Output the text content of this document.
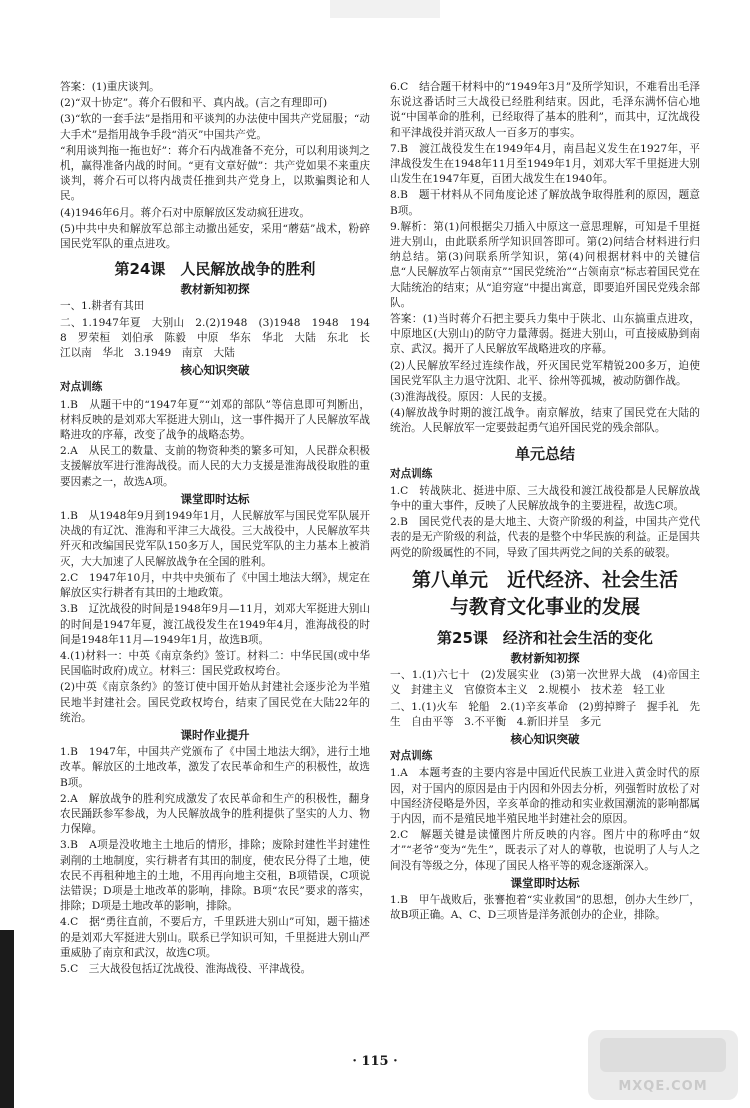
答案：(1)重庆谈判。

(2)“双十协定”。蒋介石假和平、真内战。(言之有理即可)

(3)“软的一套手法”是指用和平谈判的办法使中国共产党屈服；“动大手术”是指用战争手段“消灭”中国共产党。

“利用谈判拖一拖也好”：蒋介石内战准备不充分，可以利用谈判之机，赢得准备内战的时间。“更有文章好做”：共产党如果不来重庆谈判，蒋介石可以将内战责任推到共产党身上，以欺骗舆论和人民。

(4)1946年6月。蒋介石对中原解放区发动疯狂进攻。

(5)中共中央和解放军总部主动撤出延安，采用“蘑菇”战术，粉碎国民党军队的重点进攻。

第24课　人民解放战争的胜利
教材新知初探

一、1.耕者有其田

二、1.1947年夏　大别山　2.(2)1948　(3)1948　1948　1948　罗荣桓　刘伯承　陈毅　中原　华东　华北　大陆　东北　长江以南　华北　3.1949　南京　大陆

核心知识突破
对点训练

1.B　从题干中的“1947年夏”“刘邓的部队”等信息即可判断出，材料反映的是刘邓大军挺进大别山，这一事件揭开了人民解放军战略进攻的序幕，改变了战争的战略态势。

2.A　从民工的数量、支前的物资种类的繁多可知，人民群众积极支援解放军进行淮海战役。而人民的大力支援是淮海战役取胜的重要因素之一，故选A项。

课堂即时达标

1.B　从1948年9月到1949年1月，人民解放军与国民党军队展开决战的有辽沈、淮海和平津三大战役。三大战役中，人民解放军共歼灭和改编国民党军队150多万人，国民党军队的主力基本上被消灭，大大加速了人民解放战争在全国的胜利。

2.C　1947年10月，中共中央颁布了《中国土地法大纲》，规定在解放区实行耕者有其田的土地政策。

3.B　辽沈战役的时间是1948年9月—11月，刘邓大军挺进大别山的时间是1947年夏，渡江战役发生在1949年4月，淮海战役的时间是1948年11月—1949年1月，故选B项。

4.(1)材料一：中英《南京条约》签订。材料二：中华民国(或中华民国临时政府)成立。材料三：国民党政权垮台。

(2)中英《南京条约》的签订使中国开始从封建社会逐步沦为半殖民地半封建社会。国民党政权垮台，结束了国民党在大陆22年的统治。

课时作业提升

1.B　1947年，中国共产党颁布了《中国土地法大纲》，进行土地改革。解放区的土地改革，激发了农民革命和生产的积极性，故选B项。

2.A　解放战争的胜利究成激发了农民革命和生产的积极性，翻身农民踊跃参军参战，为人民解放战争的胜利提供了坚实的人力、物力保障。

3.B　A项是没收地主土地后的情形，排除；废除封建性半封建性剥削的土地制度，实行耕者有其田的制度，使农民分得了土地，使农民不再租种地主的土地，不用再向地主交租，B项错误，C项说法错误；D项是土地改革的影响，排除。B项“农民”要求的落实，排除；D项是土地改革的影响，排除。

4.C　据“勇往直前，不要后方，千里跃进大别山”可知，题干描述的是刘邓大军挺进大别山。联系已学知识可知，千里挺进大别山严重威胁了南京和武汉，故选C项。

5.C　三大战役包括辽沈战役、淮海战役、平津战役。

6.C　结合题干材料中的“1949年3月”及所学知识，不难看出毛泽东说这番话时三大战役已经胜利结束。因此，毛泽东满怀信心地说“中国革命的胜利，已经取得了基本的胜利”，而其中，辽沈战役和平津战役并消灭敌人一百多万的事实。

7.B　渡江战役发生在1949年4月，南昌起义发生在1927年，平津战役发生在1948年11月至1949年1月，刘邓大军千里挺进大别山发生在1947年夏，百团大战发生在1940年。

8.B　题干材料从不同角度论述了解放战争取得胜利的原因，题意B项。

9.解析：第(1)问根据尖刀插入中原这一意思理解，可知是千里挺进大别山，由此联系所学知识回答即可。第(2)问结合材料进行归纳总结。第(3)问联系所学知识，第(4)问根据材料中的关键信息“人民解放军占领南京”“国民党统治”“占领南京”标志着国民党在大陆统治的结束；从“追穷寇”中提出寓意，即要追歼国民党残余部队。

答案：(1)当时蒋介石把主要兵力集中于陕北、山东搞重点进攻，中原地区(大别山)的防守力量薄弱。挺进大别山，可直接威胁到南京、武汉。揭开了人民解放军战略进攻的序幕。

(2)人民解放军经过连续作战，歼灭国民党军精锐200多万，迫使国民党军队主力退守沈阳、北平、徐州等孤城，被动防御作战。

(3)淮海战役。原因：人民的支援。

(4)解放战争时期的渡江战争。南京解放，结束了国民党在大陆的统治。人民解放军一定要鼓起勇气追歼国民党的残余部队。

单元总结
对点训练

1.C　转战陕北、挺进中原、三大战役和渡江战役都是人民解放战争中的重大事件，反映了人民解放战争的主要进程，故选C项。

2.B　国民党代表的是大地主、大资产阶级的利益，中国共产党代表的是无产阶级的利益，代表的是整个中华民族的利益。正是国共两党的阶级属性的不同，导致了国共两党之间的关系的破裂。

第八单元　近代经济、社会生活
与教育文化事业的发展
第25课　经济和社会生活的变化
教材新知初探

一、1.(1)六七十　(2)发展实业　(3)第一次世界大战　(4)帝国主义　封建主义　官僚资本主义　2.规模小　技术差　轻工业

二、1.(1)火车　轮船　2.(1)辛亥革命　(2)剪掉辫子　握手礼　先生　自由平等　3.不平衡　4.新旧并呈　多元

核心知识突破
对点训练

1.A　本题考查的主要内容是中国近代民族工业进入黄金时代的原因，对于国内的原因是由于内因和外因去分析，列强暂时放松了对中国经济侵略是外因，辛亥革命的推动和实业救国潮流的影响都属于内因，而不是殖民地半殖民地半封建社会的原因。

2.C　解题关键是读懂图片所反映的内容。图片中的称呼由“奴才”“老爷”变为“先生”，既表示了对人的尊敬，也说明了人与人之间没有等级之分，体现了国民人格平等的观念逐渐深入。

课堂即时达标

1.B　甲午战败后，张謇抱着“实业救国”的思想，创办大生纱厂，故B项正确。A、C、D三项皆是洋务派创办的企业，排除。

· 115 ·
MXQE.COM
